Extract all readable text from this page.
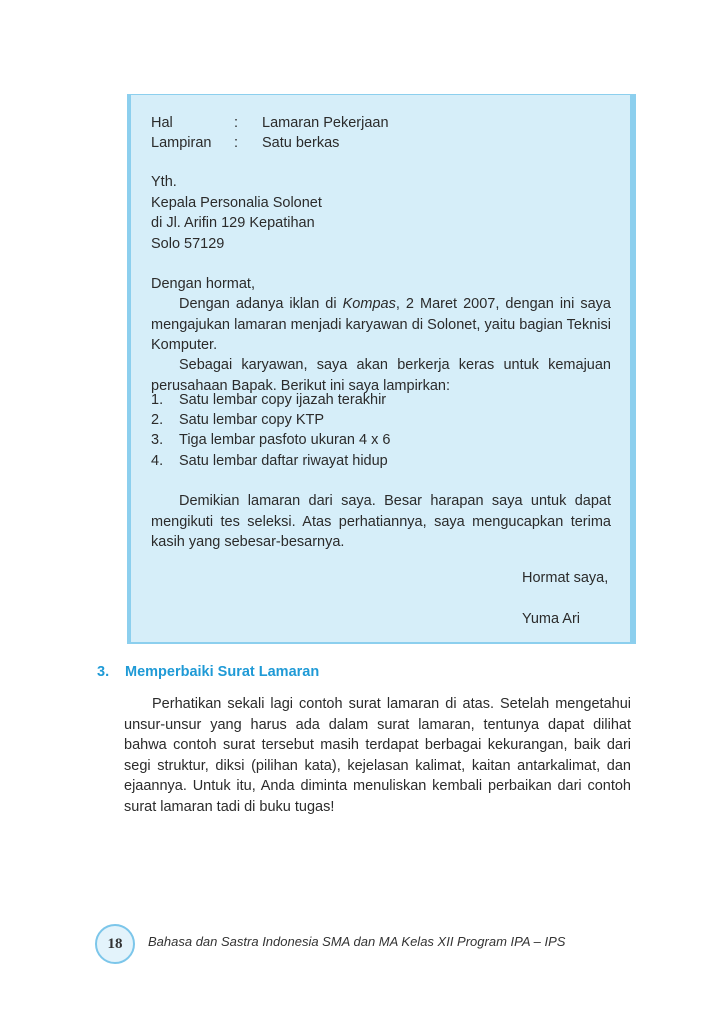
Hal	: Lamaran Pekerjaan
Lampiran : Satu berkas
Yth.
Kepala Personalia Solonet
di Jl. Arifin 129 Kepatihan
Solo 57129
Dengan hormat,
Dengan adanya iklan di Kompas, 2 Maret 2007, dengan ini saya mengajukan lamaran menjadi karyawan di Solonet, yaitu bagian Teknisi Komputer.
Sebagai karyawan, saya akan berkerja keras untuk kemajuan perusahaan Bapak. Berikut ini saya lampirkan:
1. Satu lembar copy ijazah terakhir
2. Satu lembar copy KTP
3. Tiga lembar pasfoto ukuran 4 x 6
4. Satu lembar daftar riwayat hidup
Demikian lamaran dari saya. Besar harapan saya untuk dapat mengikuti tes seleksi. Atas perhatiannya, saya mengucapkan terima kasih yang sebesar-besarnya.
Hormat saya,
Yuma Ari
3. Memperbaiki Surat Lamaran
Perhatikan sekali lagi contoh surat lamaran di atas. Setelah mengetahui unsur-unsur yang harus ada dalam surat lamaran, tentunya dapat dilihat bahwa contoh surat tersebut masih terdapat berbagai kekurangan, baik dari segi struktur, diksi (pilihan kata), kejelasan kalimat, kaitan antarkalimat, dan ejaannya. Untuk itu, Anda diminta menuliskan kembali perbaikan dari contoh surat lamaran tadi di buku tugas!
18 Bahasa dan Sastra Indonesia SMA dan MA Kelas XII Program IPA – IPS
